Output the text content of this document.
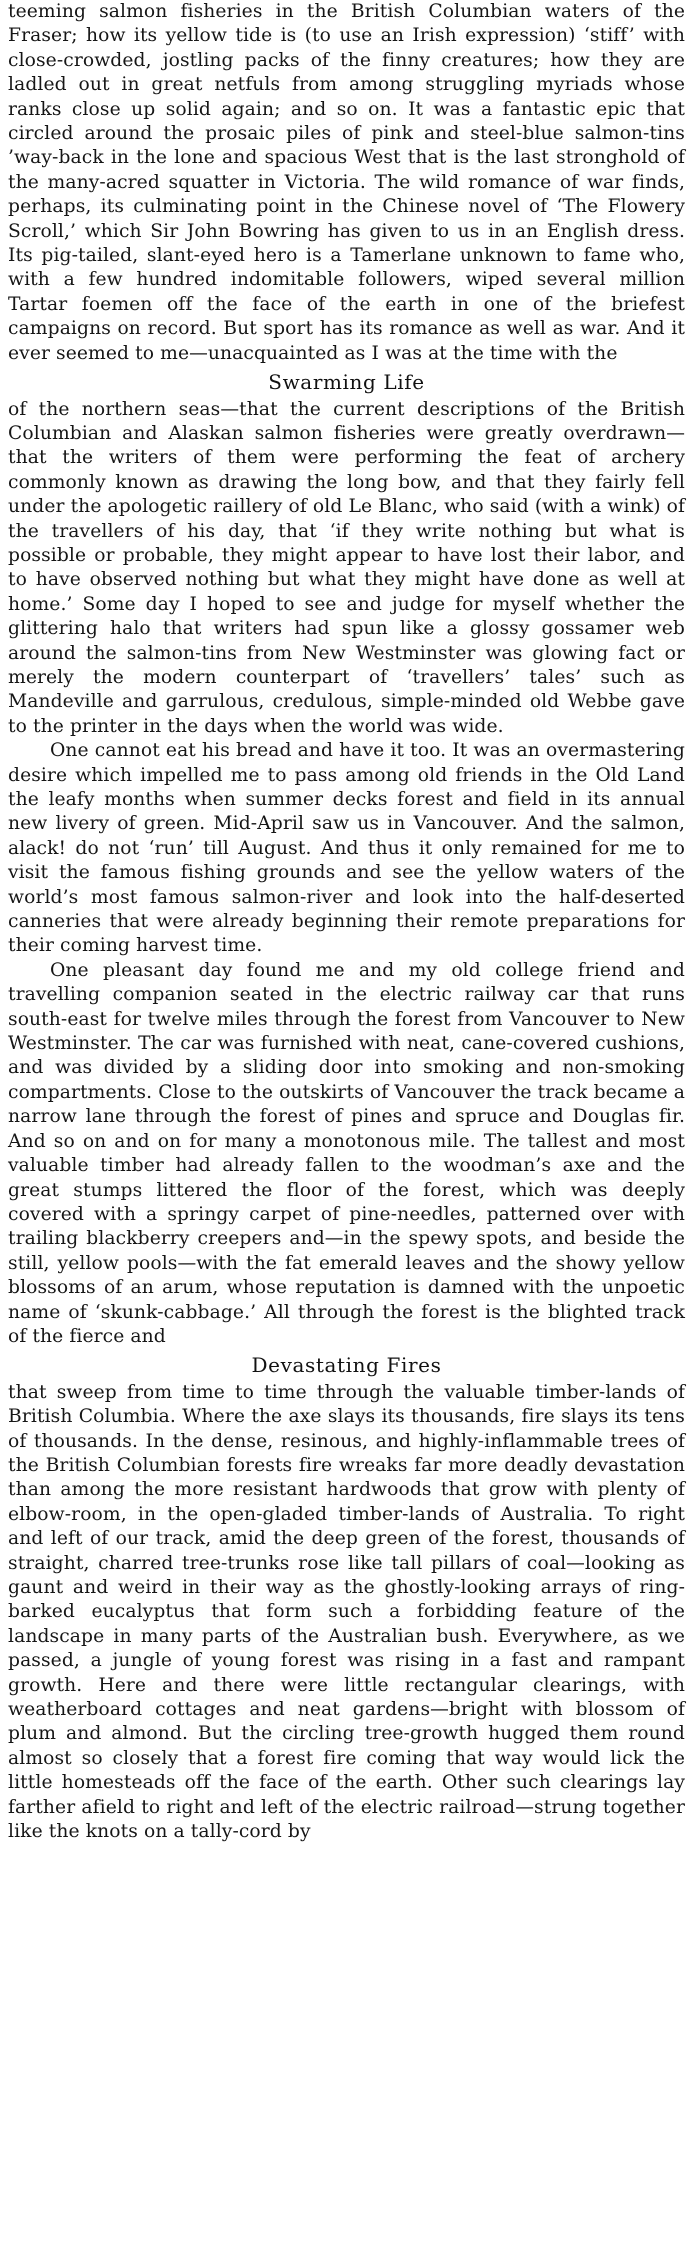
teeming salmon fisheries in the British Columbian waters of the Fraser; how its yellow tide is (to use an Irish expression) ‘stiff’ with close-crowded, jostling packs of the finny creatures; how they are ladled out in great netfuls from among struggling myriads whose ranks close up solid again; and so on. It was a fantastic epic that circled around the prosaic piles of pink and steel-blue salmon-tins ’way-back in the lone and spacious West that is the last stronghold of the many-acred squatter in Victoria. The wild romance of war finds, perhaps, its culminating point in the Chinese novel of ‘The Flowery Scroll,’ which Sir John Bowring has given to us in an English dress. Its pig-tailed, slant-eyed hero is a Tamerlane unknown to fame who, with a few hundred indomitable followers, wiped several million Tartar foemen off the face of the earth in one of the briefest campaigns on record. But sport has its romance as well as war. And it ever seemed to me—unacquainted as I was at the time with the

Swarming Life

of the northern seas—that the current descriptions of the British Columbian and Alaskan salmon fisheries were greatly overdrawn—that the writers of them were performing the feat of archery commonly known as drawing the long bow, and that they fairly fell under the apologetic raillery of old Le Blanc, who said (with a wink) of the travellers of his day, that ‘if they write nothing but what is possible or probable, they might appear to have lost their labor, and to have observed nothing but what they might have done as well at home.’ Some day I hoped to see and judge for myself whether the glittering halo that writers had spun like a glossy gossamer web around the salmon-tins from New Westminster was glowing fact or merely the modern counterpart of ‘travellers’ tales’ such as Mandeville and garrulous, credulous, simple-minded old Webbe gave to the printer in the days when the world was wide.

One cannot eat his bread and have it too. It was an overmastering desire which impelled me to pass among old friends in the Old Land the leafy months when summer decks forest and field in its annual new livery of green. Mid-April saw us in Vancouver. And the salmon, alack! do not ‘run’ till August. And thus it only remained for me to visit the famous fishing grounds and see the yellow waters of the world’s most famous salmon-river and look into the half-deserted canneries that were already beginning their remote preparations for their coming harvest time.

One pleasant day found me and my old college friend and travelling companion seated in the electric railway car that runs south-east for twelve miles through the forest from Vancouver to New Westminster. The car was furnished with neat, cane-covered cushions, and was divided by a sliding door into smoking and non-smoking compartments. Close to the outskirts of Vancouver the track became a narrow lane through the forest of pines and spruce and Douglas fir. And so on and on for many a monotonous mile. The tallest and most valuable timber had already fallen to the woodman’s axe and the great stumps littered the floor of the forest, which was deeply covered with a springy carpet of pine-needles, patterned over with trailing blackberry creepers and—in the spewy spots, and beside the still, yellow pools—with the fat emerald leaves and the showy yellow blossoms of an arum, whose reputation is damned with the unpoetic name of ‘skunk-cabbage.’ All through the forest is the blighted track of the fierce and

Devastating Fires

that sweep from time to time through the valuable timber-lands of British Columbia. Where the axe slays its thousands, fire slays its tens of thousands. In the dense, resinous, and highly-inflammable trees of the British Columbian forests fire wreaks far more deadly devastation than among the more resistant hardwoods that grow with plenty of elbow-room, in the open-gladed timber-lands of Australia. To right and left of our track, amid the deep green of the forest, thousands of straight, charred tree-trunks rose like tall pillars of coal—looking as gaunt and weird in their way as the ghostly-looking arrays of ring-barked eucalyptus that form such a forbidding feature of the landscape in many parts of the Australian bush. Everywhere, as we passed, a jungle of young forest was rising in a fast and rampant growth. Here and there were little rectangular clearings, with weatherboard cottages and neat gardens—bright with blossom of plum and almond. But the circling tree-growth hugged them round almost so closely that a forest fire coming that way would lick the little homesteads off the face of the earth. Other such clearings lay farther afield to right and left of the electric railroad—strung together like the knots on a tally-cord by
